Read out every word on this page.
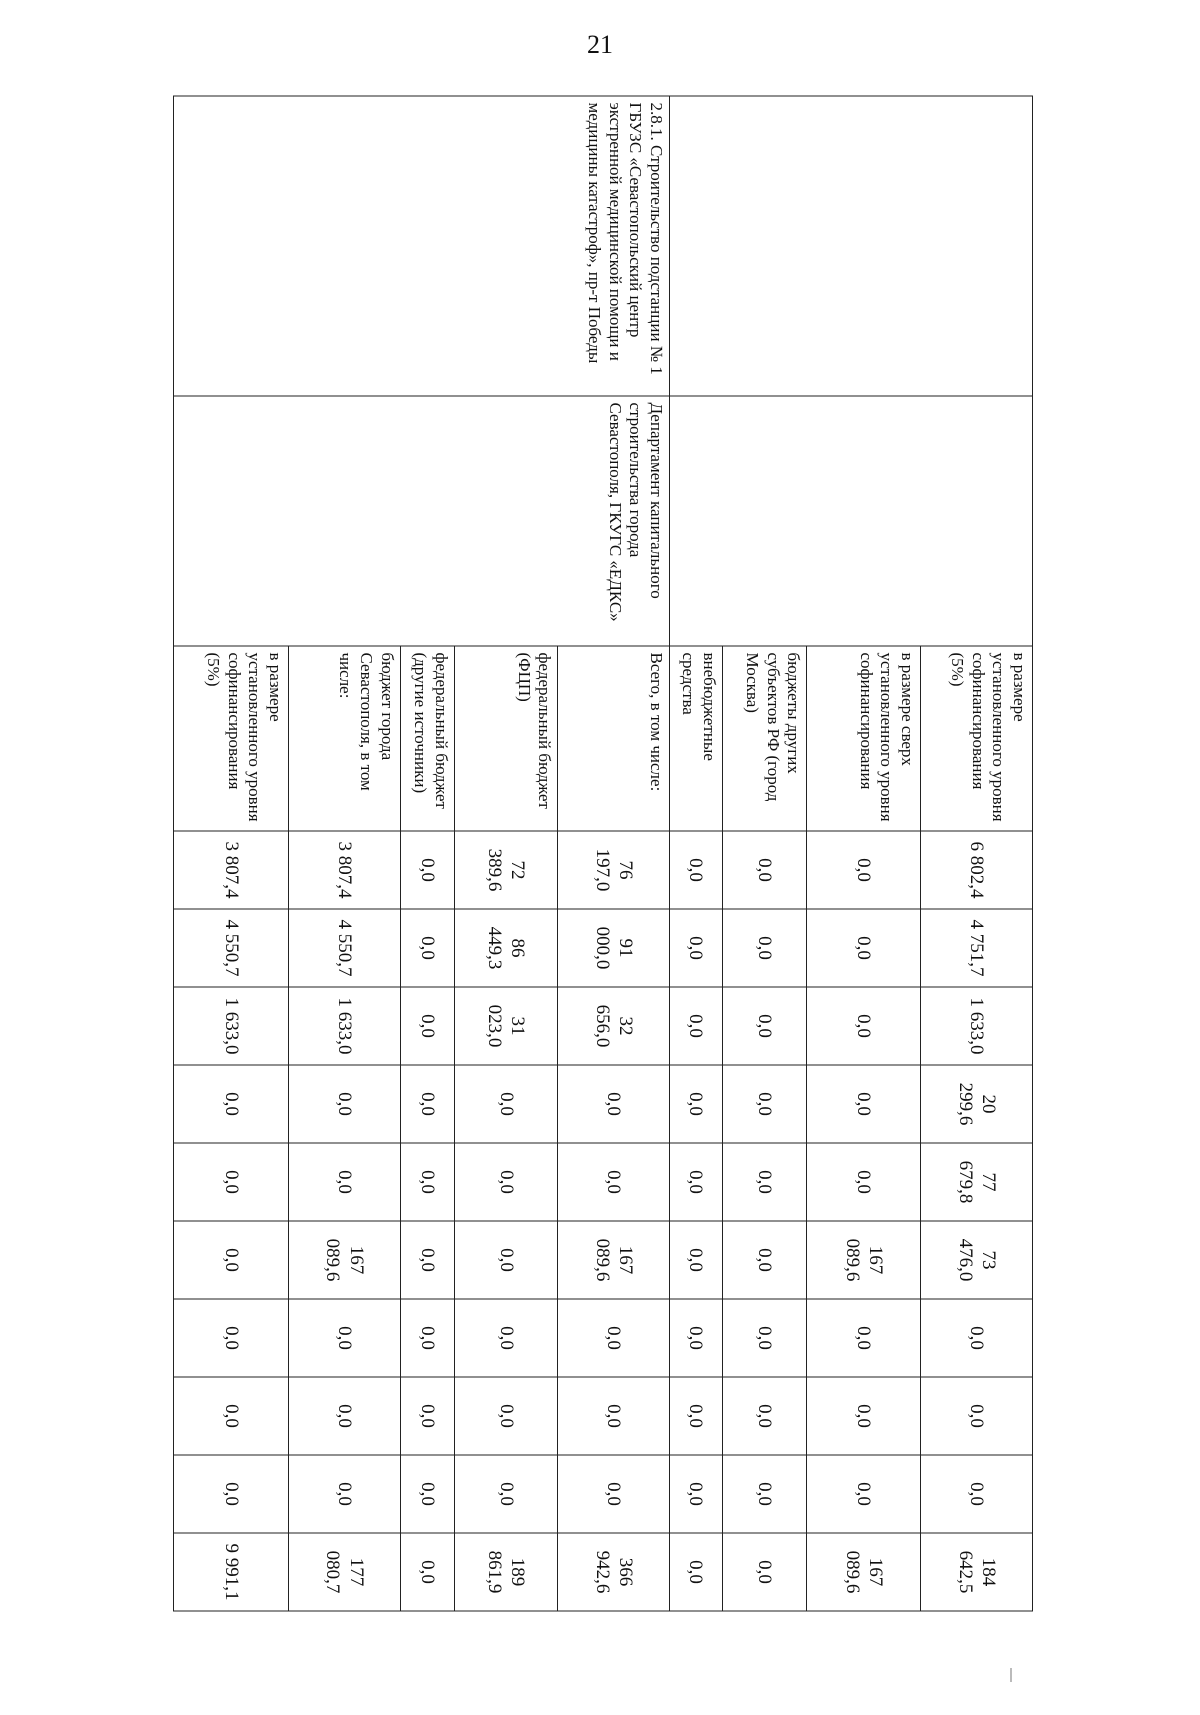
21
		в размере установленного уровня софинансирования (5%)	6 802,4	4 751,7	1 633,0	20 299,6	77 679,8	73 476,0	0,0	0,0	0,0	184 642,5
		в размере сверх установленного уровня софинансирования	0,0	0,0	0,0	0,0	0,0	167 089,6	0,0	0,0	0,0	167 089,6
		бюджеты других субъектов РФ (город Москва)	0,0	0,0	0,0	0,0	0,0	0,0	0,0	0,0	0,0	0,0
		внебюджетные средства	0,0	0,0	0,0	0,0	0,0	0,0	0,0	0,0	0,0	0,0
2.8.1. Строительство подстанции № 1 ГБУЗС «Севастопольский центр экстренной медицинской помощи и медицины катастроф», пр-т Победы	Департамент капитального строительства города Севастополя, ГКУГС «ЕДКС»	Всего, в том числе:	76 197,0	91 000,0	32 656,0	0,0	0,0	167 089,6	0,0	0,0	0,0	366 942,6
		федеральный бюджет (ФЦП)	72 389,6	86 449,3	31 023,0	0,0	0,0	0,0	0,0	0,0	0,0	189 861,9
		федеральный бюджет (другие источники)	0,0	0,0	0,0	0,0	0,0	0,0	0,0	0,0	0,0	0,0
		бюджет города Севастополя, в том числе:	3 807,4	4 550,7	1 633,0	0,0	0,0	167 089,6	0,0	0,0	0,0	177 080,7
		в размере установленного уровня софинансирования (5%)	3 807,4	4 550,7	1 633,0	0,0	0,0	0,0	0,0	0,0	0,0	9 991,1
